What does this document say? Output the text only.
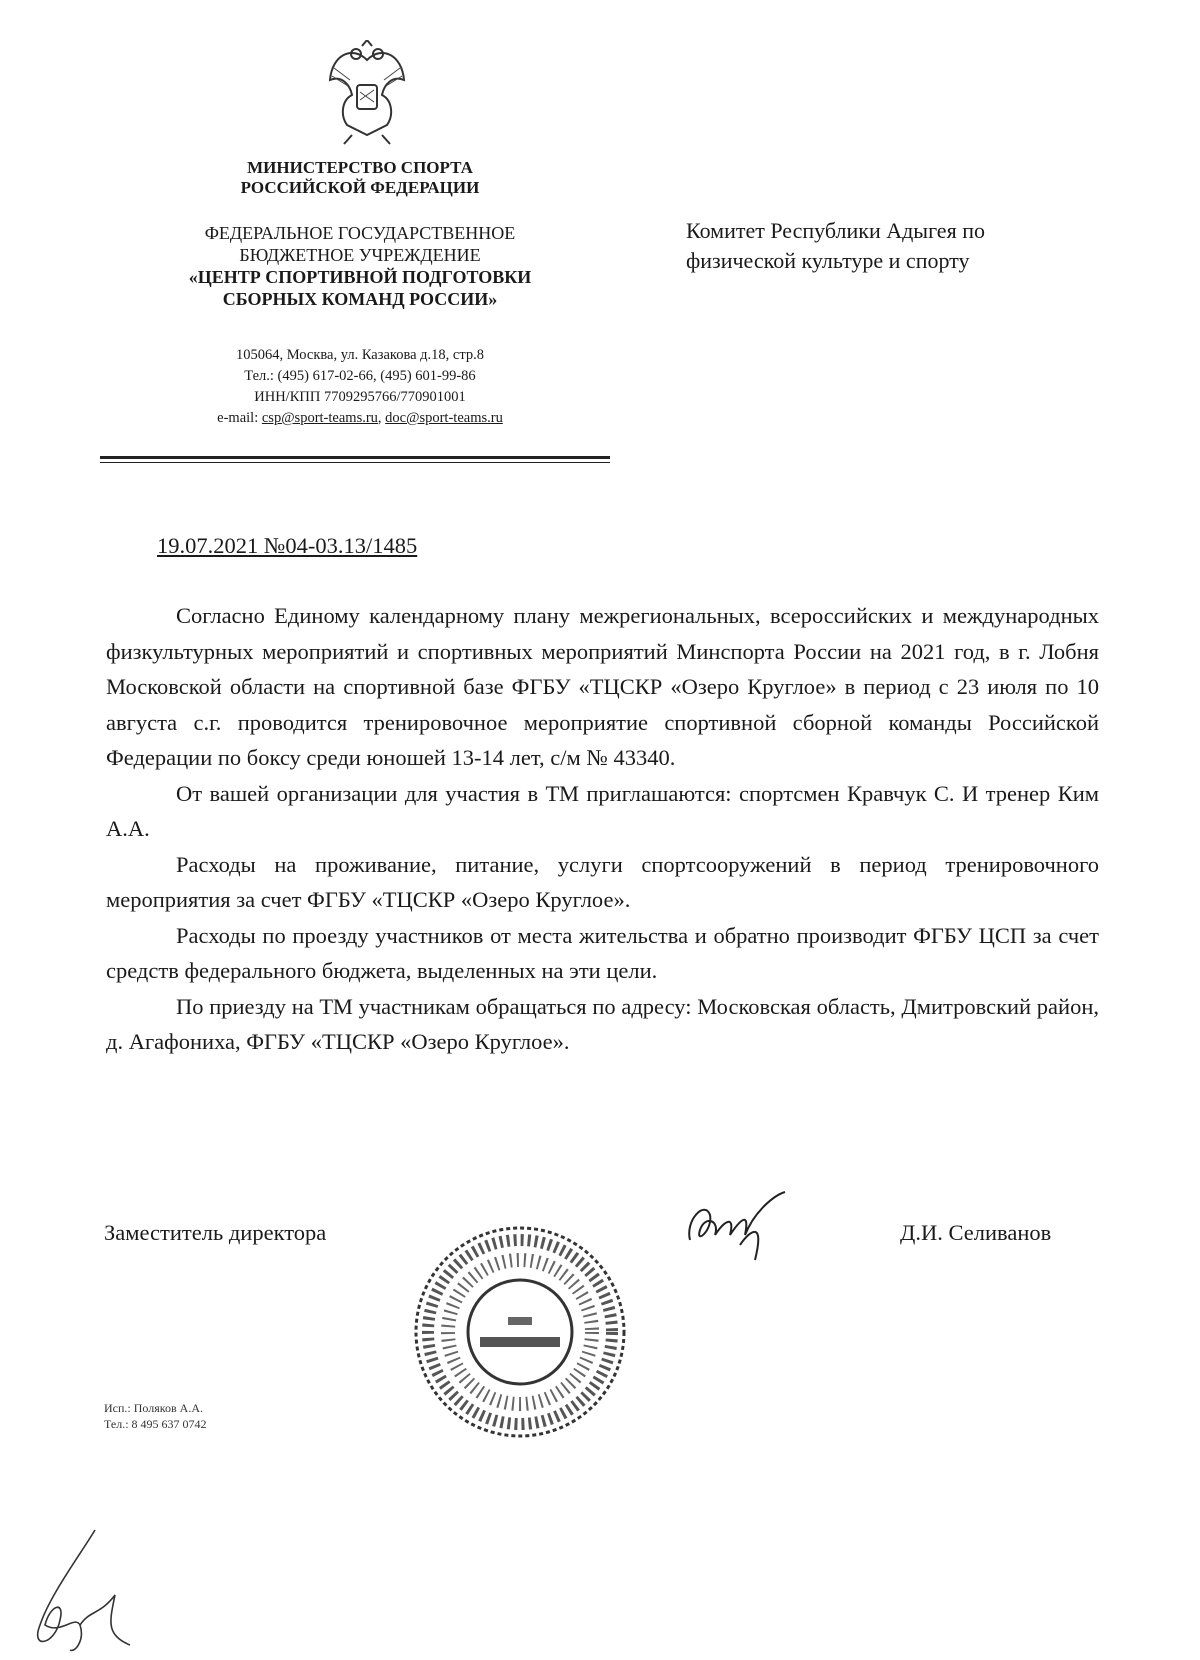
МИНИСТЕРСТВО СПОРТА
РОССИЙСКОЙ ФЕДЕРАЦИИ
ФЕДЕРАЛЬНОЕ ГОСУДАРСТВЕННОЕ
БЮДЖЕТНОЕ УЧРЕЖДЕНИЕ
«ЦЕНТР СПОРТИВНОЙ ПОДГОТОВКИ
СБОРНЫХ КОМАНД РОССИИ»
105064, Москва, ул. Казакова д.18, стр.8
Тел.: (495) 617-02-66, (495) 601-99-86
ИНН/КПП 7709295766/770901001
e-mail: csp@sport-teams.ru, doc@sport-teams.ru
Комитет Республики Адыгея по
физической культуре и спорту
19.07.2021 №04-03.13/1485

Согласно Единому календарному плану межрегиональных, всероссийских и международных физкультурных мероприятий и спортивных мероприятий Минспорта России на 2021 год, в г. Лобня Московской области на спортивной базе ФГБУ «ТЦСКР «Озеро Круглое» в период с 23 июля по 10 августа с.г. проводится тренировочное мероприятие спортивной сборной команды Российской Федерации по боксу среди юношей 13-14 лет, с/м № 43340.

От вашей организации для участия в ТМ приглашаются: спортсмен Кравчук С. И тренер Ким А.А.

Расходы на проживание, питание, услуги спортсооружений в период тренировочного мероприятия за счет ФГБУ «ТЦСКР «Озеро Круглое».

Расходы по проезду участников от места жительства и обратно производит ФГБУ ЦСП за счет средств федерального бюджета, выделенных на эти цели.

По приезду на ТМ участникам обращаться по адресу: Московская область, Дмитровский район, д. Агафониха, ФГБУ «ТЦСКР «Озеро Круглое».

Заместитель директора	Д.И. Селиванов
Исп.: Поляков А.А.
Тел.: 8 495 637 0742
